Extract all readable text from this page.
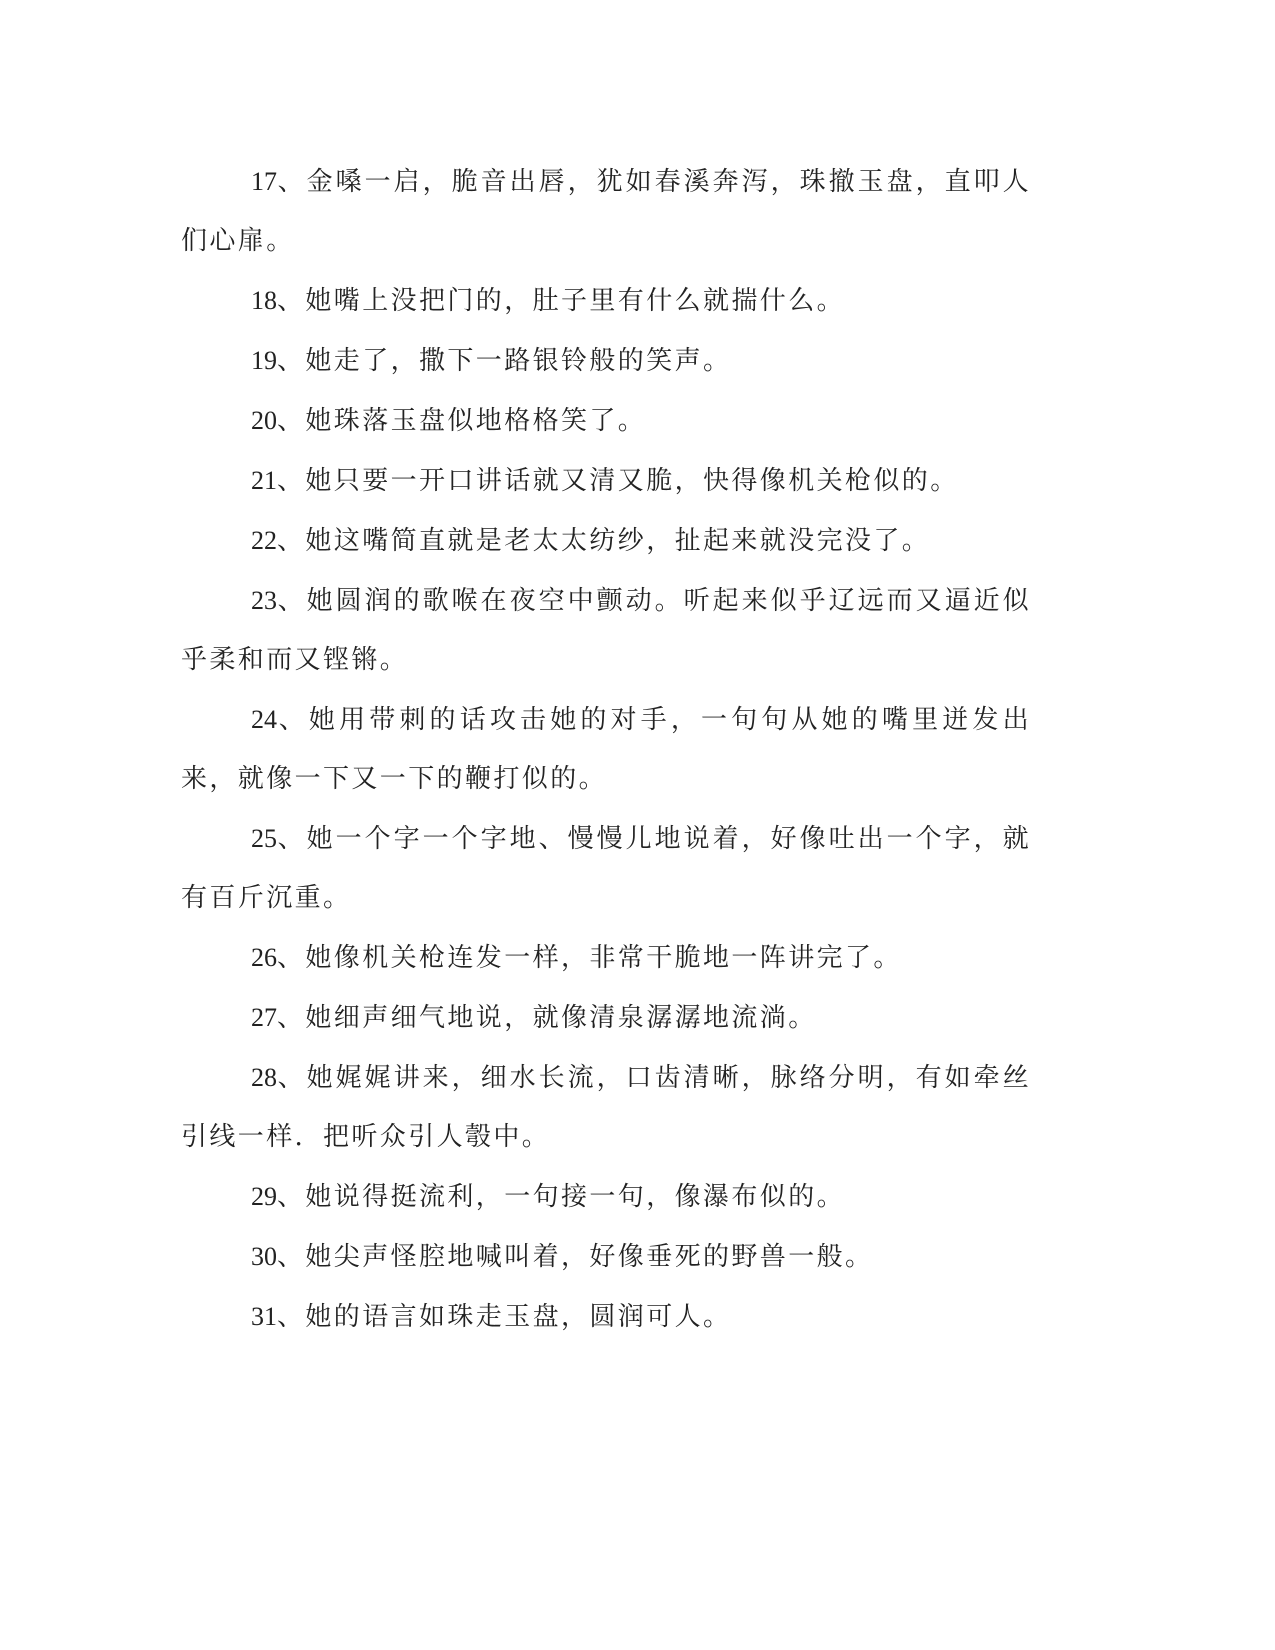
17、金嗓一启，脆音出唇，犹如春溪奔泻，珠撤玉盘，直叩人们心扉。

18、她嘴上没把门的，肚子里有什么就揣什么。

19、她走了，撒下一路银铃般的笑声。

20、她珠落玉盘似地格格笑了。

21、她只要一开口讲话就又清又脆，快得像机关枪似的。

22、她这嘴简直就是老太太纺纱，扯起来就没完没了。

23、她圆润的歌喉在夜空中颤动。听起来似乎辽远而又逼近似乎柔和而又铿锵。

24、她用带刺的话攻击她的对手，一句句从她的嘴里迸发出来，就像一下又一下的鞭打似的。

25、她一个字一个字地、慢慢儿地说着，好像吐出一个字，就有百斤沉重。

26、她像机关枪连发一样，非常干脆地一阵讲完了。

27、她细声细气地说，就像清泉潺潺地流淌。

28、她娓娓讲来，细水长流，口齿清晰，脉络分明，有如牵丝引线一样．把听众引人彀中。

29、她说得挺流利，一句接一句，像瀑布似的。

30、她尖声怪腔地喊叫着，好像垂死的野兽一般。

31、她的语言如珠走玉盘，圆润可人。
